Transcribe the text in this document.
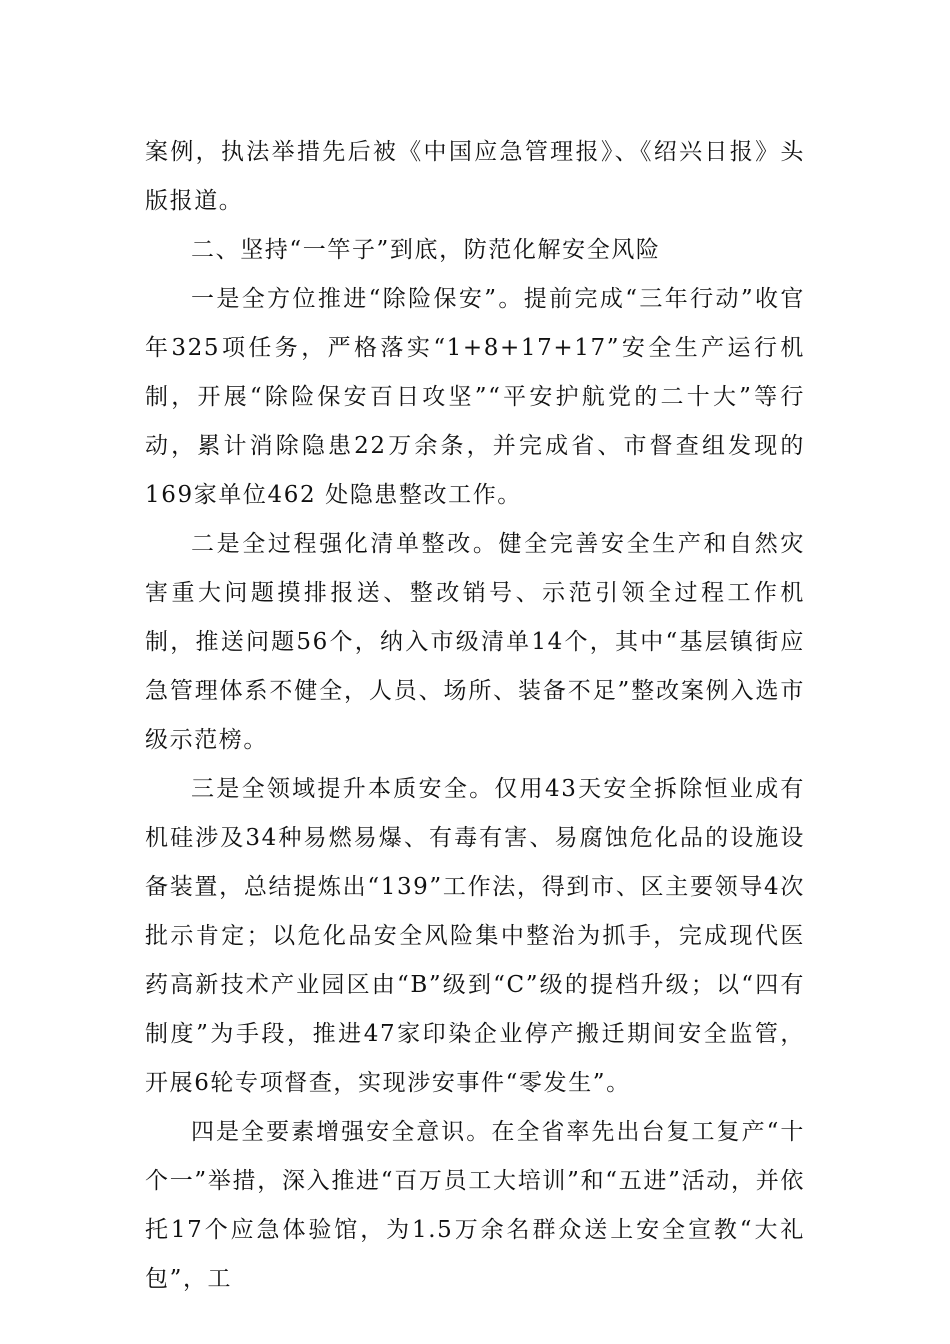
案例，执法举措先后被《中国应急管理报》、《绍兴日报》头版报道。

二、坚持“一竿子”到底，防范化解安全风险

一是全方位推进“除险保安”。提前完成“三年行动”收官年325项任务，严格落实“1+8+17+17”安全生产运行机制，开展“除险保安百日攻坚”“平安护航党的二十大”等行动，累计消除隐患22万余条，并完成省、市督查组发现的169家单位462 处隐患整改工作。

二是全过程强化清单整改。健全完善安全生产和自然灾害重大问题摸排报送、整改销号、示范引领全过程工作机制，推送问题56个，纳入市级清单14个，其中“基层镇街应急管理体系不健全，人员、场所、装备不足”整改案例入选市级示范榜。

三是全领域提升本质安全。仅用43天安全拆除恒业成有机硅涉及34种易燃易爆、有毒有害、易腐蚀危化品的设施设备装置，总结提炼出“139”工作法，得到市、区主要领导4次批示肯定；以危化品安全风险集中整治为抓手，完成现代医药高新技术产业园区由“B”级到“C”级的提档升级；以“四有制度”为手段，推进47家印染企业停产搬迁期间安全监管，开展6轮专项督查，实现涉安事件“零发生”。

四是全要素增强安全意识。在全省率先出台复工复产“十个一”举措，深入推进“百万员工大培训”和“五进”活动，并依托17个应急体验馆，为1.5万余名群众送上安全宣教“大礼包”，工
